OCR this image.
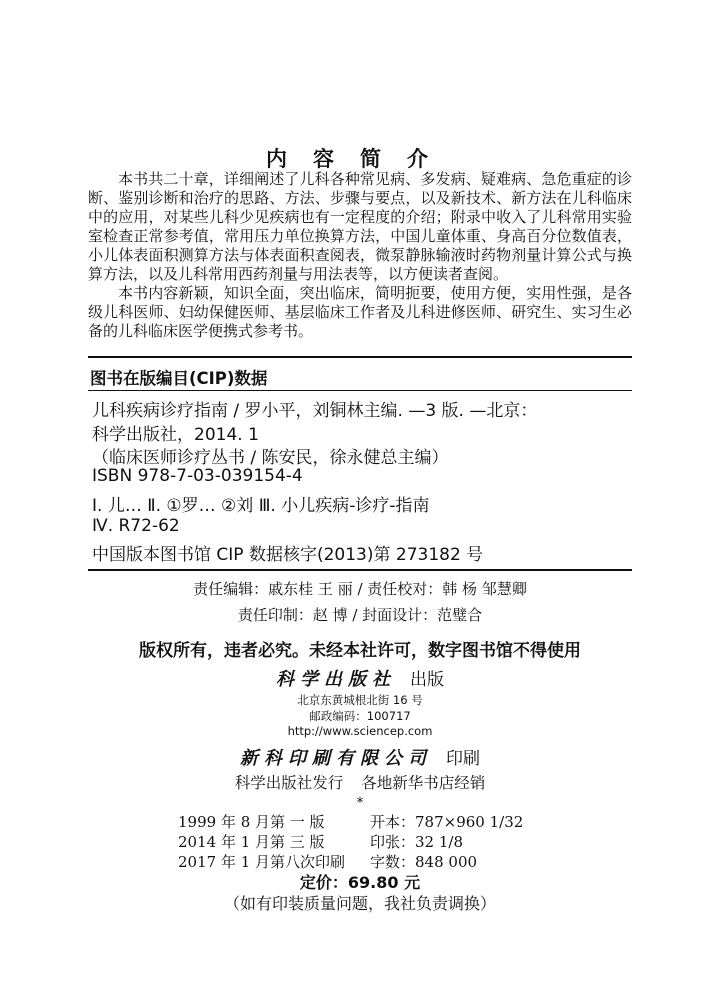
内容简介

本书共二十章，详细阐述了儿科各种常见病、多发病、疑难病、急危重症的诊断、鉴别诊断和治疗的思路、方法、步骤与要点，以及新技术、新方法在儿科临床中的应用，对某些儿科少见疾病也有一定程度的介绍；附录中收入了儿科常用实验室检查正常参考值，常用压力单位换算方法，中国儿童体重、身高百分位数值表，小儿体表面积测算方法与体表面积查阅表，微泵静脉输液时药物剂量计算公式与换算方法，以及儿科常用西药剂量与用法表等，以方便读者查阅。

本书内容新颖，知识全面，突出临床，简明扼要，使用方便，实用性强，是各级儿科医师、妇幼保健医师、基层临床工作者及儿科进修医师、研究生、实习生必备的儿科临床医学便携式参考书。

图书在版编目(CIP)数据
儿科疾病诊疗指南 / 罗小平，刘铜林主编. —3 版. —北京：
科学出版社，2014. 1
（临床医师诊疗丛书 / 陈安民，徐永健总主编）
ISBN 978-7-03-039154-4
Ⅰ. 儿… Ⅱ. ①罗… ②刘 Ⅲ. 小儿疾病-诊疗-指南
Ⅳ. R72-62
中国版本图书馆 CIP 数据核字(2013)第 273182 号
责任编辑：戚东桂 王 丽 / 责任校对：韩 杨 邹慧卿
责任印制：赵 博 / 封面设计：范璧合
版权所有，违者必究。未经本社许可，数字图书馆不得使用
科学出版社 出版
北京东黄城根北街 16 号
邮政编码：100717
http://www.sciencep.com
新科印刷有限公司 印刷
科学出版社发行 各地新华书店经销
*
1999 年 8 月第 一 版	开本：787×960 1/32
2014 年 1 月第 三 版	印张：32 1/8
2017 年 1 月第八次印刷 字数：848 000
定价：69.80 元
（如有印装质量问题，我社负责调换）
